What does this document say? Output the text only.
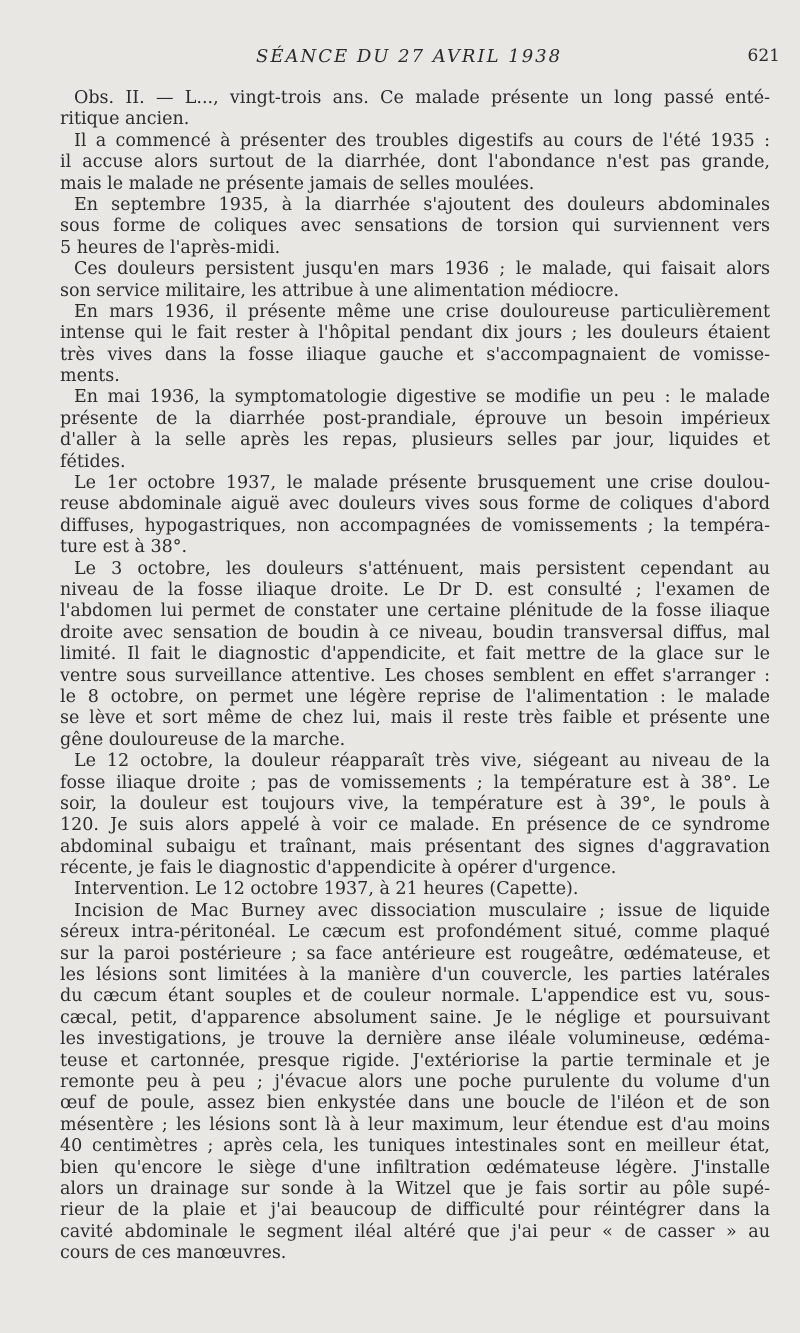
SÉANCE DU 27 AVRIL 1938	621
Obs. II. — L..., vingt-trois ans. Ce malade présente un long passé enté-
ritique ancien.
Il a commencé à présenter des troubles digestifs au cours de l'été 1935 :
il accuse alors surtout de la diarrhée, dont l'abondance n'est pas grande,
mais le malade ne présente jamais de selles moulées.
En septembre 1935, à la diarrhée s'ajoutent des douleurs abdominales
sous forme de coliques avec sensations de torsion qui surviennent vers
5 heures de l'après-midi.
Ces douleurs persistent jusqu'en mars 1936 ; le malade, qui faisait alors
son service militaire, les attribue à une alimentation médiocre.
En mars 1936, il présente même une crise douloureuse particulièrement
intense qui le fait rester à l'hôpital pendant dix jours ; les douleurs étaient
très vives dans la fosse iliaque gauche et s'accompagnaient de vomisse-
ments.
En mai 1936, la symptomatologie digestive se modifie un peu : le malade
présente de la diarrhée post-prandiale, éprouve un besoin impérieux
d'aller à la selle après les repas, plusieurs selles par jour, liquides et
fétides.
Le 1er octobre 1937, le malade présente brusquement une crise doulou-
reuse abdominale aiguë avec douleurs vives sous forme de coliques d'abord
diffuses, hypogastriques, non accompagnées de vomissements ; la tempéra-
ture est à 38°.
Le 3 octobre, les douleurs s'atténuent, mais persistent cependant au
niveau de la fosse iliaque droite. Le Dr D. est consulté ; l'examen de
l'abdomen lui permet de constater une certaine plénitude de la fosse iliaque
droite avec sensation de boudin à ce niveau, boudin transversal diffus, mal
limité. Il fait le diagnostic d'appendicite, et fait mettre de la glace sur le
ventre sous surveillance attentive. Les choses semblent en effet s'arranger :
le 8 octobre, on permet une légère reprise de l'alimentation : le malade
se lève et sort même de chez lui, mais il reste très faible et présente une
gêne douloureuse de la marche.
Le 12 octobre, la douleur réapparaît très vive, siégeant au niveau de la
fosse iliaque droite ; pas de vomissements ; la température est à 38°. Le
soir, la douleur est toujours vive, la température est à 39°, le pouls à
120. Je suis alors appelé à voir ce malade. En présence de ce syndrome
abdominal subaigu et traînant, mais présentant des signes d'aggravation
récente, je fais le diagnostic d'appendicite à opérer d'urgence.
Intervention. Le 12 octobre 1937, à 21 heures (Capette).
Incision de Mac Burney avec dissociation musculaire ; issue de liquide
séreux intra-péritonéal. Le cæcum est profondément situé, comme plaqué
sur la paroi postérieure ; sa face antérieure est rougeâtre, œdémateuse, et
les lésions sont limitées à la manière d'un couvercle, les parties latérales
du cæcum étant souples et de couleur normale. L'appendice est vu, sous-
cæcal, petit, d'apparence absolument saine. Je le néglige et poursuivant
les investigations, je trouve la dernière anse iléale volumineuse, œdéma-
teuse et cartonnée, presque rigide. J'extériorise la partie terminale et je
remonte peu à peu ; j'évacue alors une poche purulente du volume d'un
œuf de poule, assez bien enkystée dans une boucle de l'iléon et de son
mésentère ; les lésions sont là à leur maximum, leur étendue est d'au moins
40 centimètres ; après cela, les tuniques intestinales sont en meilleur état,
bien qu'encore le siège d'une infiltration œdémateuse légère. J'installe
alors un drainage sur sonde à la Witzel que je fais sortir au pôle supé-
rieur de la plaie et j'ai beaucoup de difficulté pour réintégrer dans la
cavité abdominale le segment iléal altéré que j'ai peur « de casser » au
cours de ces manœuvres.
